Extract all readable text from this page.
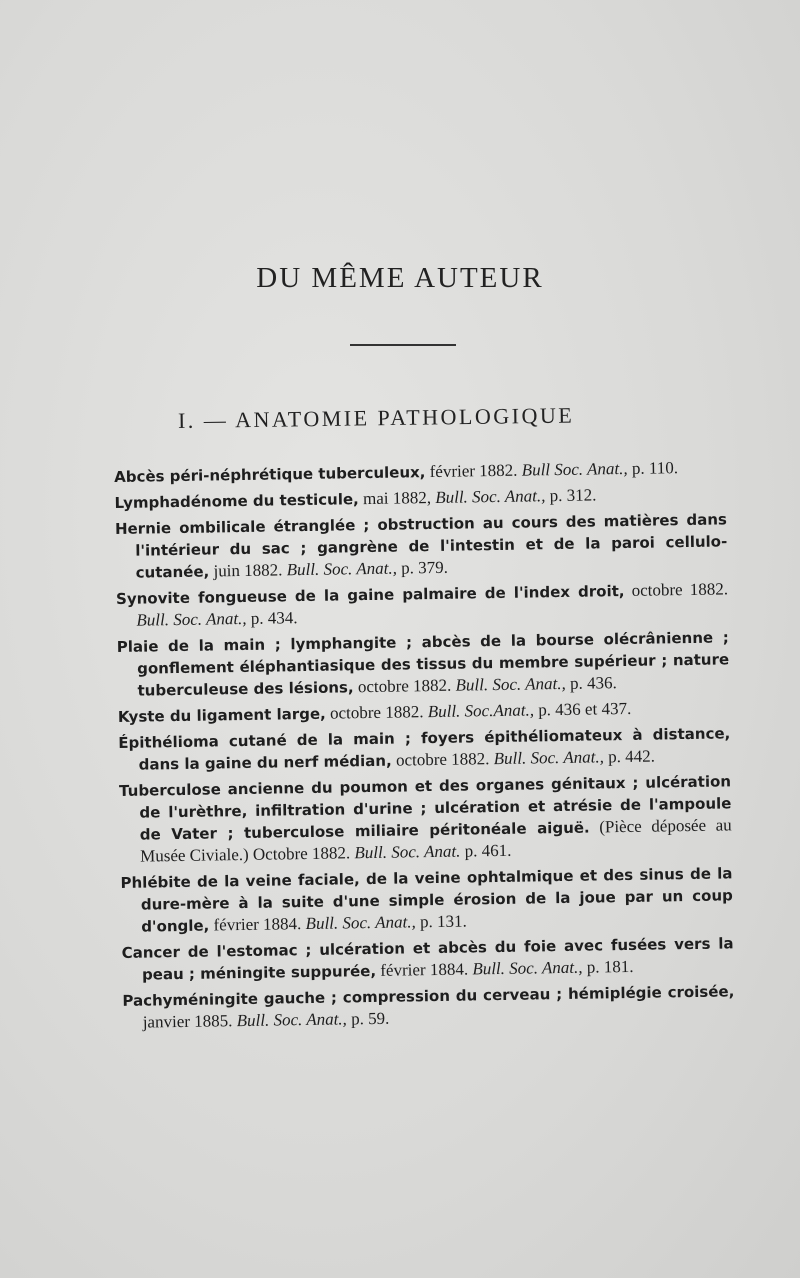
DU MÊME AUTEUR
I. — ANATOMIE PATHOLOGIQUE
Abcès péri-néphrétique tuberculeux, février 1882. Bull Soc. Anat., p. 110.
Lymphadénome du testicule, mai 1882, Bull. Soc. Anat., p. 312.
Hernie ombilicale étranglée ; obstruction au cours des matières dans l'intérieur du sac ; gangrène de l'intestin et de la paroi cellulo-cutanée, juin 1882. Bull. Soc. Anat., p. 379.
Synovite fongueuse de la gaine palmaire de l'index droit, octobre 1882. Bull. Soc. Anat., p. 434.
Plaie de la main ; lymphangite ; abcès de la bourse olécrânienne ; gonflement éléphantiasique des tissus du membre supérieur ; nature tuberculeuse des lésions, octobre 1882. Bull. Soc. Anat., p. 436.
Kyste du ligament large, octobre 1882. Bull. Soc.Anat., p. 436 et 437.
Épithélioma cutané de la main ; foyers épithéliomateux à distance, dans la gaine du nerf médian, octobre 1882. Bull. Soc. Anat., p. 442.
Tuberculose ancienne du poumon et des organes génitaux ; ulcération de l'urèthre, infiltration d'urine ; ulcération et atrésie de l'ampoule de Vater ; tuberculose miliaire péritonéale aiguë. (Pièce déposée au Musée Civiale.) Octobre 1882. Bull. Soc. Anat. p. 461.
Phlébite de la veine faciale, de la veine ophtalmique et des sinus de la dure-mère à la suite d'une simple érosion de la joue par un coup d'ongle, février 1884. Bull. Soc. Anat., p. 131.
Cancer de l'estomac ; ulcération et abcès du foie avec fusées vers la peau ; méningite suppurée, février 1884. Bull. Soc. Anat., p. 181.
Pachyméningite gauche ; compression du cerveau ; hémiplégie croisée, janvier 1885. Bull. Soc. Anat., p. 59.
